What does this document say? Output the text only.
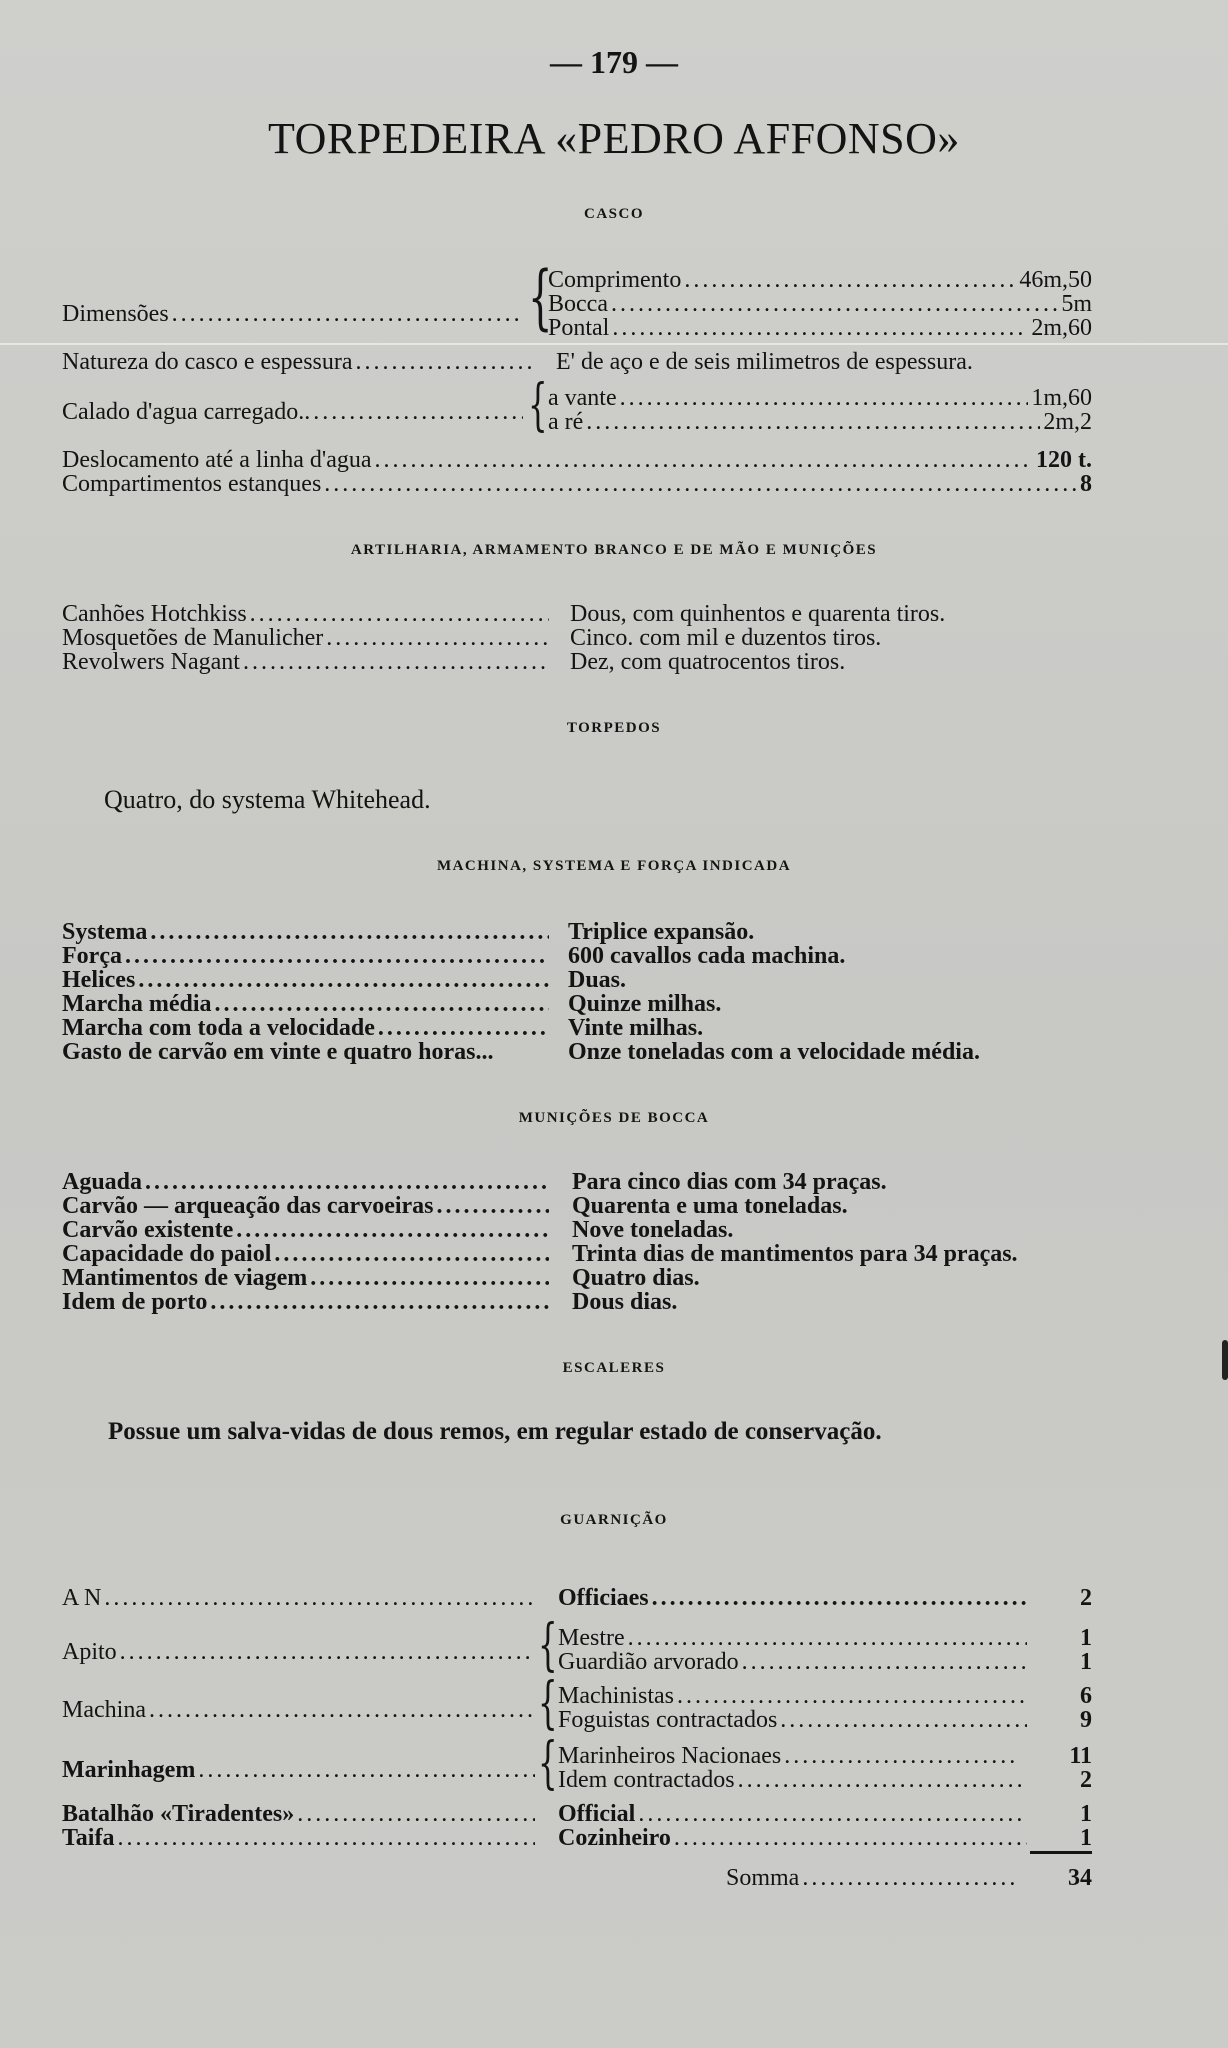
— 179 —
TORPEDEIRA «PEDRO AFFONSO»
CASCO
Dimensões .....	{
Comprimento .....	46m,50
Bocca .....	5m
Pontal .....	2m,60
Natureza do casco e espessura .....	E' de aço e de seis milimetros de espessura.
Calado d'agua carregado.. .....	{ a vante .....	1m,60
a ré .....	2m,2
Deslocamento até a linha d'agua .....	120 t.
Compartimentos estanques .....	8
ARTILHARIA, ARMAMENTO BRANCO E DE MÃO E MUNIÇÕES
Canhões Hotchkiss .....	Dous, com quinhentos e quarenta tiros.
Mosquetões de Manulicher .....	Cinco. com mil e duzentos tiros.
Revolwers Nagant .....	Dez, com quatrocentos tiros.
TORPEDOS
Quatro, do systema Whitehead.
MACHINA, SYSTEMA E FORÇA INDICADA
Systema .....	Triplice expansão.
Força .....	600 cavallos cada machina.
Helices .....	Duas.
Marcha média .....	Quinze milhas.
Marcha com toda a velocidade .....	Vinte milhas.
Gasto de carvão em vinte e quatro horas...	Onze toneladas com a velocidade média.
MUNIÇÕES DE BOCCA
Aguada .....	Para cinco dias com 34 praças.
Carvão — arqueação das carvoeiras .....	Quarenta e uma toneladas.
Carvão existente .....	Nove toneladas.
Capacidade do paiol .....	Trinta dias de mantimentos para 34 praças.
Mantimentos de viagem .....	Quatro dias.
Idem de porto .....	Dous dias.
ESCALERES
Possue um salva-vidas de dous remos, em regular estado de conservação.
GUARNIÇÃO
A N .....	Officiaes .....	2
Apito .....	{ Mestre .....	1
Guardião arvorado .....	1
Machina .....	{ Machinistas .....	6
Foguistas contractados .....	9
Marinhagem .....	{ Marinheiros Nacionaes .....	11
Idem contractados .....	2
Batalhão «Tiradentes» .....	Official .....	1
Taifa .....	Cozinheiro .....	1
Somma .....	34
